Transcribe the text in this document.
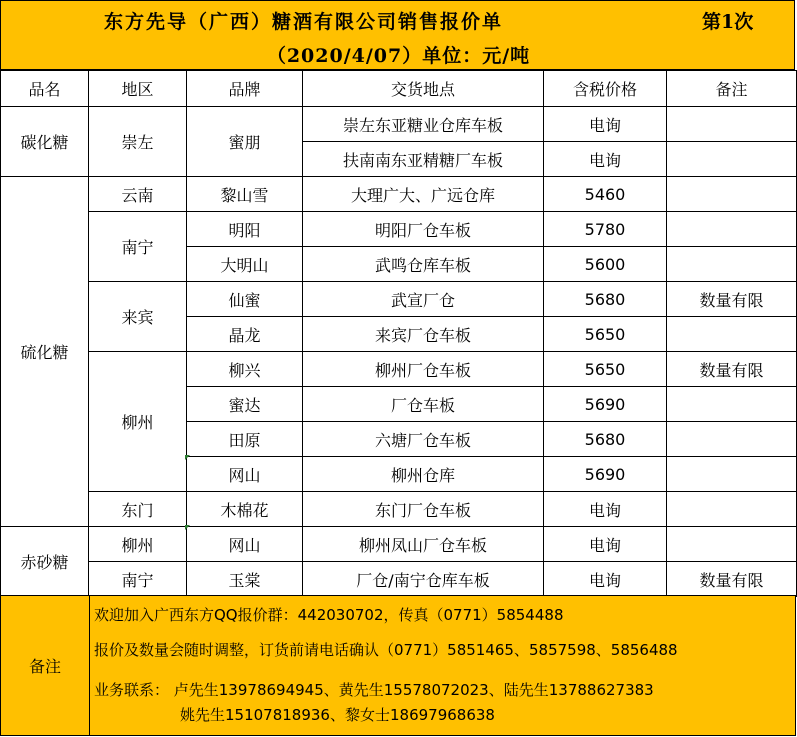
东方先导（广西）糖酒有限公司销售报价单	第1次
（2020/4/07）单位：元/吨
品名	地区	品牌	交货地点	含税价格	备注
碳化糖	崇左	蜜朋	崇左东亚糖业仓库车板	电询	
			扶南南东亚精糖厂车板	电询	
硫化糖	云南	黎山雪	大理广大、广远仓库	5460	
	南宁	明阳	明阳厂仓车板	5780	
		大明山	武鸣仓库车板	5600	
	来宾	仙蜜	武宣厂仓	5680	数量有限
		晶龙	来宾厂仓车板	5650	
	柳州	柳兴	柳州厂仓车板	5650	数量有限
		蜜达	厂仓车板	5690	
		田原	六塘厂仓车板	5680	
		网山	柳州仓库	5690	
	东门	木棉花	东门厂仓车板	电询	
赤砂糖	柳州	网山	柳州凤山厂仓车板	电询	
	南宁	玉棠	厂仓/南宁仓库车板	电询	数量有限
备注
欢迎加入广西东方QQ报价群：442030702，传真（0771）5854488
报价及数量会随时调整，订货前请电话确认（0771）5851465、5857598、5856488
业务联系： 卢先生13978694945、黄先生15578072023、陆先生13788627383
姚先生15107818936、黎女士18697968638
